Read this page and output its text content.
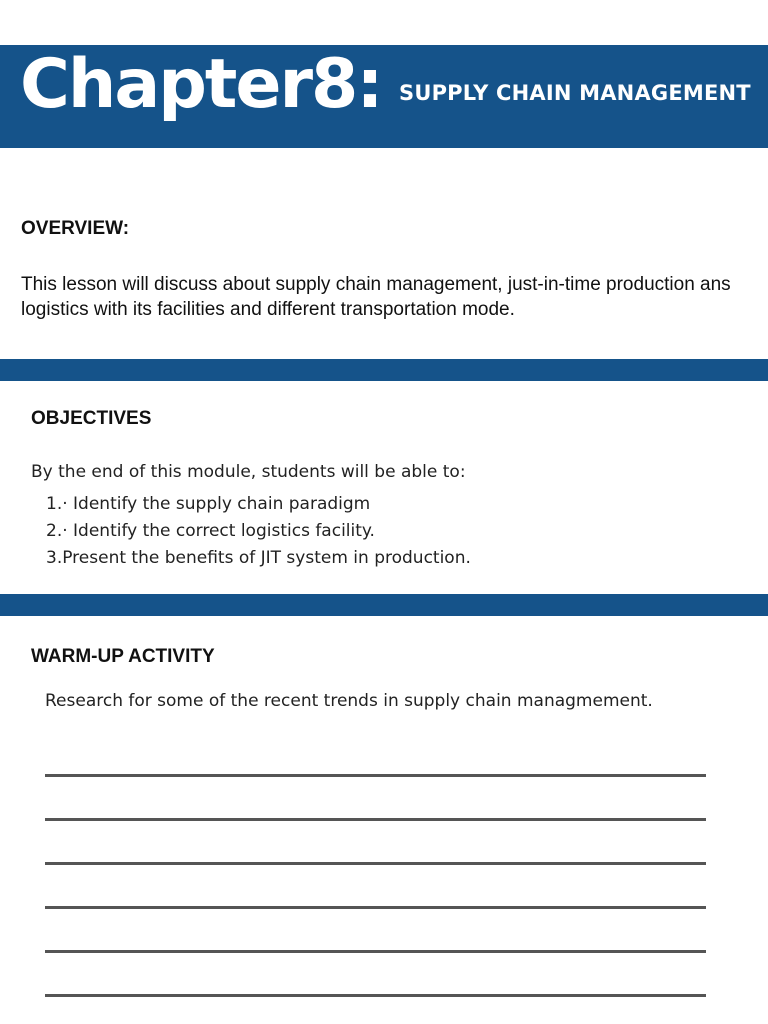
Chapter8: SUPPLY CHAIN MANAGEMENT
OVERVIEW:
This lesson will discuss about supply chain management, just-in-time production ans logistics with its facilities and different transportation mode.
OBJECTIVES
By the end of this module, students will be able to:
1.· Identify the supply chain paradigm
2.· Identify the correct logistics facility.
3.Present the benefits of JIT system in production.
WARM-UP ACTIVITY
Research for some of the recent trends in supply chain managmement.
